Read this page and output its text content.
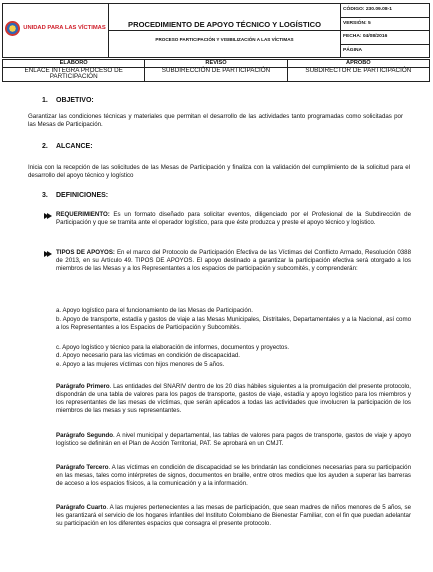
UNIDAD PARA LAS VÍCTIMAS	PROCEDIMIENTO DE APOYO TÉCNICO Y LOGÍSTICO
PROCESO PARTICIPACIÓN Y VISIBILIZACIÓN A LAS VÍCTIMAS

CÓDIGO: 230.09.08-1
VERSIÓN: 5
FECHA: 04/08/2016
PÁGINA
ELABORÓ	REVISÓ	APROBÓ
ENLACE INTEGRA PROCESO DE PARTICIPACIÓN	SUBDIRECCIÓN DE PARTICIPACIÓN	SUBDIRECTOR DE PARTICIPACIÓN
1. OBJETIVO:
Garantizar las condiciones técnicas y materiales que permitan el desarrollo de las actividades tanto programadas como solicitadas por las Mesas de Participación.
2. ALCANCE:
Inicia con la recepción de las solicitudes de las Mesas de Participación y finaliza con la validación del cumplimiento de la solicitud para el desarrollo del apoyo técnico y logístico
3. DEFINICIONES:
REQUERIMIENTO: Es un formato diseñado para solicitar eventos, diligenciado por el Profesional de la Subdirección de Participación y que se tramita ante el operador logístico, para que éste produzca y preste el apoyo técnico y logístico.
TIPOS DE APOYOS: En el marco del Protocolo de Participación Efectiva de las Víctimas del Conflicto Armado, Resolución 0388 de 2013, en su Artículo 49. TIPOS DE APOYOS. El apoyo destinado a garantizar la participación efectiva será otorgado a los miembros de las Mesas y a los Representantes a los espacios de participación y subcomités, y comprenderán:
a. Apoyo logístico para el funcionamiento de las Mesas de Participación.
b. Apoyo de transporte, estadía y gastos de viaje a las Mesas Municipales, Distritales, Departamentales y a la Nacional, así como a los Representantes a los Espacios de Participación y Subcomités.
c. Apoyo logístico y técnico para la elaboración de informes, documentos y proyectos.
d. Apoyo necesario para las víctimas en condición de discapacidad.
e. Apoyo a las mujeres víctimas con hijos menores de 5 años.
Parágrafo Primero. Las entidades del SNARIV dentro de los 20 días hábiles siguientes a la promulgación del presente protocolo, dispondrán de una tabla de valores para los pagos de transporte, gastos de viaje, estadía y apoyo logístico para los miembros y los representantes de las mesas de víctimas, que serán aplicados a todas las actividades que involucren la participación de los miembros de las mesas y sus representantes.
Parágrafo Segundo. A nivel municipal y departamental, las tablas de valores para pagos de transporte, gastos de viaje y apoyo logístico se definirán en el Plan de Acción Territorial, PAT. Se aprobará en un CMJT.
Parágrafo Tercero. A las víctimas en condición de discapacidad se les brindarán las condiciones necesarias para su participación en las mesas, tales como intérpretes de signos, documentos en braille, entre otros medios que los ayuden a superar las barreras de acceso a los espacios físicos, a la comunicación y a la información.
Parágrafo Cuarto. A las mujeres pertenecientes a las mesas de participación, que sean madres de niños menores de 5 años, se les garantizará el servicio de los hogares infantiles del Instituto Colombiano de Bienestar Familiar, con el fin que puedan adelantar su participación en los diferentes espacios que consagra el presente protocolo.
